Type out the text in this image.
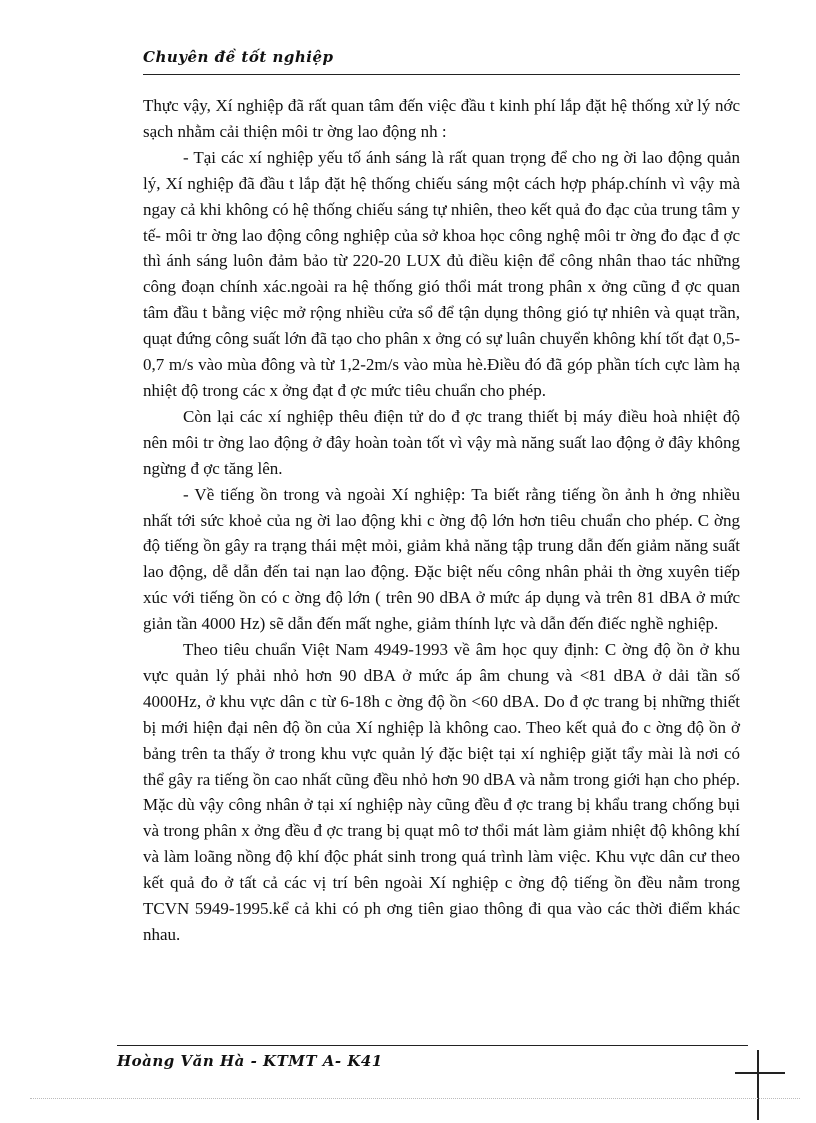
Chuyên đề tốt nghiệp

Thực vậy, Xí nghiệp đã rất quan tâm đến việc đầu t kinh phí lắp đặt hệ thống xử lý nớc sạch nhằm cải thiện môi tr ờng lao động nh :

- Tại các xí nghiệp yếu tố ánh sáng là rất quan trọng để cho ng ời lao động quản lý, Xí nghiệp đã đầu t lắp đặt hệ thống chiếu sáng một cách hợp pháp.chính vì vậy mà ngay cả khi không có hệ thống chiếu sáng tự nhiên, theo kết quả đo đạc của trung tâm y tế- môi tr ờng lao động công nghiệp của sở khoa học công nghệ môi tr ờng đo đạc đ ợc thì ánh sáng luôn đảm bảo từ 220-20 LUX đủ điều kiện để công nhân thao tác những công đoạn chính xác.ngoài ra hệ thống gió thổi mát trong phân x ởng cũng đ ợc quan tâm đầu t bằng việc mở rộng nhiều cửa sổ để tận dụng thông gió tự nhiên và quạt trần, quạt đứng công suất lớn đã tạo cho phân x ởng có sự luân chuyển không khí tốt đạt 0,5-0,7 m/s vào mùa đông và từ 1,2-2m/s vào mùa hè.Điều đó đã góp phần tích cực làm hạ nhiệt độ trong các x ởng đạt đ ợc mức tiêu chuẩn cho phép.

Còn lại các xí nghiệp thêu điện tử do đ ợc trang thiết bị máy điều hoà nhiệt độ nên môi tr ờng lao động ở đây hoàn toàn tốt vì vậy mà năng suất lao động ở đây không ngừng đ ợc tăng lên.

- Về tiếng ồn trong và ngoài Xí nghiệp: Ta biết rằng tiếng ồn ảnh h ởng nhiều nhất tới sức khoẻ của ng ời lao động khi c ờng độ lớn hơn tiêu chuẩn cho phép. C ờng độ tiếng ồn gây ra trạng thái mệt mỏi, giảm khả năng tập trung dẫn đến giảm năng suất lao động, dễ dẫn đến tai nạn lao động. Đặc biệt nếu công nhân phải th ờng xuyên tiếp xúc với tiếng ồn có c ờng độ lớn ( trên 90 dBA ở mức áp dụng và trên 81 dBA ở mức giản tần 4000 Hz) sẽ dẫn đến mất nghe, giảm thính lực và dẫn đến điếc nghề nghiệp.

Theo tiêu chuẩn Việt Nam 4949-1993 về âm học quy định: C ờng độ ồn ở khu vực quản lý phải nhỏ hơn 90 dBA ở mức áp âm chung và <81 dBA ở dải tần số 4000Hz, ở khu vực dân c từ 6-18h c ờng độ ồn <60 dBA. Do đ ợc trang bị những thiết bị mới hiện đại nên độ ồn của Xí nghiệp là không cao. Theo kết quả đo c ờng độ ồn ở bảng trên ta thấy ở trong khu vực quản lý đặc biệt tại xí nghiệp giặt tẩy mài là nơi có thể gây ra tiếng ồn cao nhất cũng đều nhỏ hơn 90 dBA và nằm trong giới hạn cho phép. Mặc dù vậy công nhân ở tại xí nghiệp này cũng đều đ ợc trang bị khẩu trang chống bụi và trong phân x ởng đều đ ợc trang bị quạt mô tơ thổi mát làm giảm nhiệt độ không khí và làm loãng nồng độ khí độc phát sinh trong quá trình làm việc. Khu vực dân cư theo kết quả đo ở tất cả các vị trí bên ngoài Xí nghiệp c ờng độ tiếng ồn đều nằm trong TCVN 5949-1995.kể cả khi có ph ơng tiên giao thông đi qua vào các thời điểm khác nhau.

Hoàng Văn Hà - KTMT A- K41
